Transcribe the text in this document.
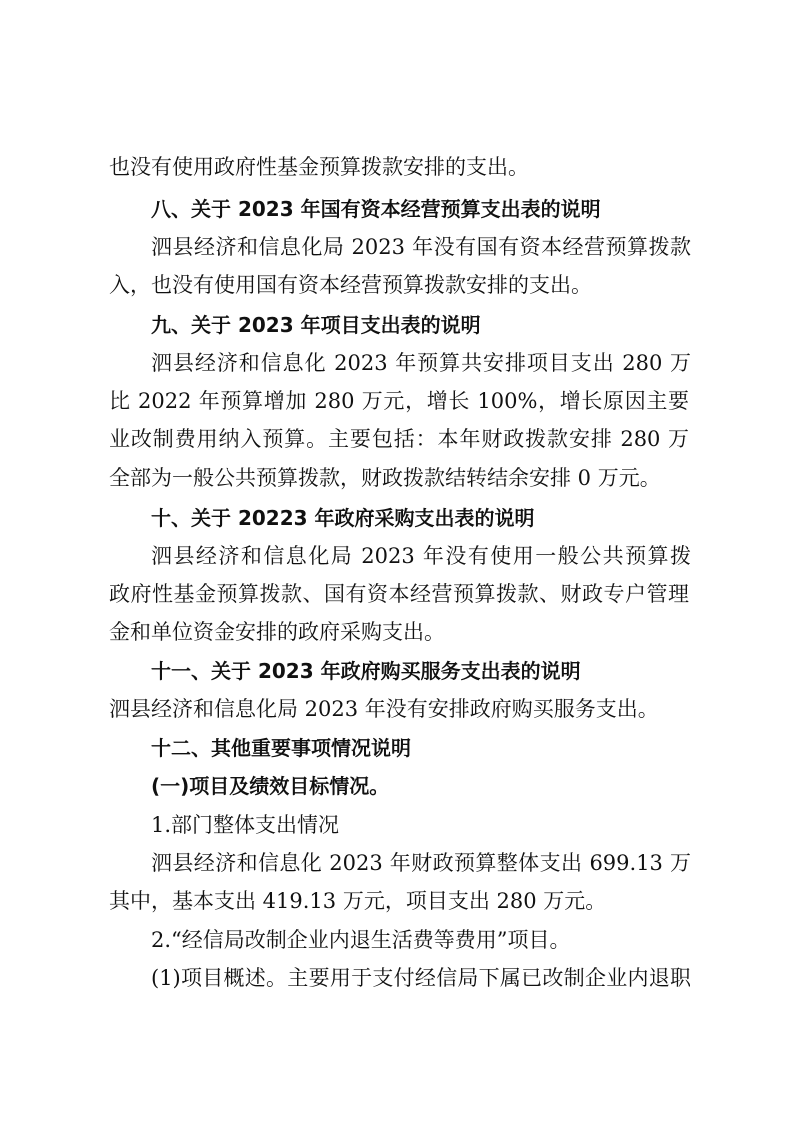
也没有使用政府性基金预算拨款安排的支出。
八、关于 2023 年国有资本经营预算支出表的说明
泗县经济和信息化局 2023 年没有国有资本经营预算拨款
入，也没有使用国有资本经营预算拨款安排的支出。
九、关于 2023 年项目支出表的说明
泗县经济和信息化 2023 年预算共安排项目支出 280 万
比 2022 年预算增加 280 万元，增长 100%，增长原因主要
业改制费用纳入预算。主要包括：本年财政拨款安排 280 万
全部为一般公共预算拨款，财政拨款结转结余安排 0 万元。
十、关于 20223 年政府采购支出表的说明
泗县经济和信息化局 2023 年没有使用一般公共预算拨
政府性基金预算拨款、国有资本经营预算拨款、财政专户管理
金和单位资金安排的政府采购支出。
十一、关于 2023 年政府购买服务支出表的说明
泗县经济和信息化局 2023 年没有安排政府购买服务支出。
十二、其他重要事项情况说明
(一)项目及绩效目标情况。
1.部门整体支出情况
泗县经济和信息化 2023 年财政预算整体支出 699.13 万
其中，基本支出 419.13 万元，项目支出 280 万元。
2.“经信局改制企业内退生活费等费用”项目。
(1)项目概述。主要用于支付经信局下属已改制企业内退职
